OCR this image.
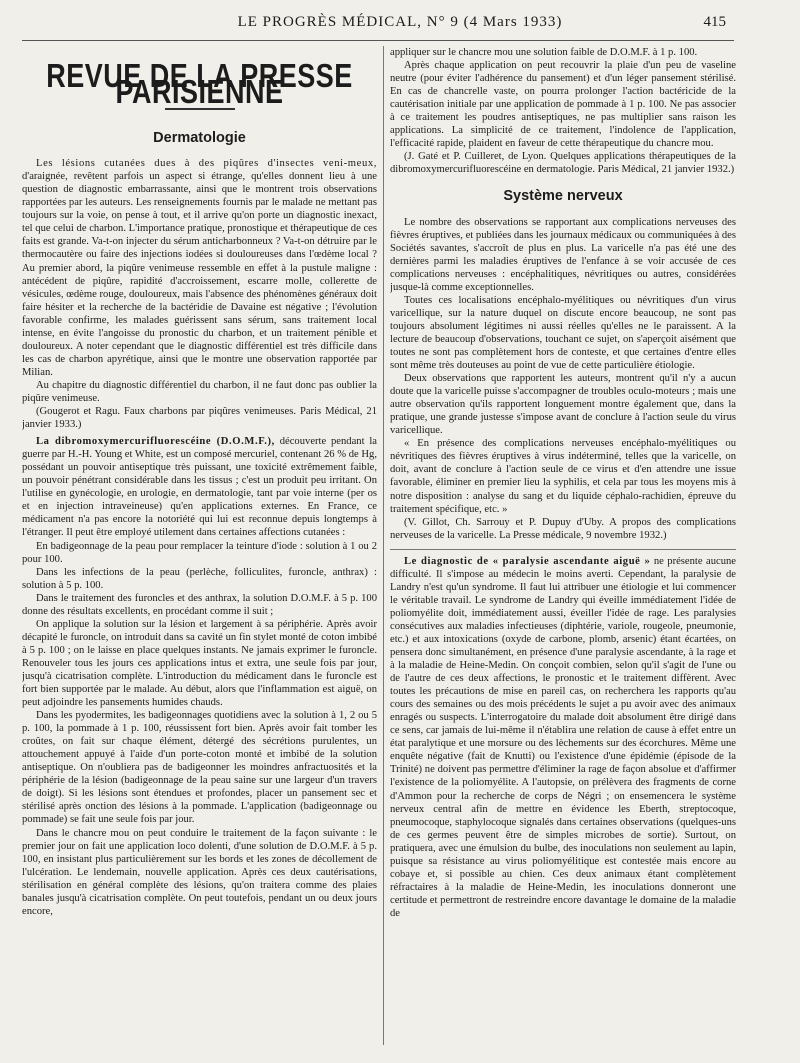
LE PROGRÈS MÉDICAL, N° 9 (4 Mars 1933)	415
REVUE DE LA PRESSE PARISIENNE
Dermatologie

Les lésions cutanées dues à des piqûres d'insectes veni-meux, d'araignée, revêtent parfois un aspect si étrange, qu'elles donnent lieu à une question de diagnostic embarrassante, ainsi que le montrent trois observations rapportées par les auteurs. Les renseignements fournis par le malade ne mettant pas toujours sur la voie, on pense à tout, et il arrive qu'on porte un diagnostic inexact, tel que celui de charbon. L'importance pratique, pronostique et thérapeutique de ces faits est grande. Va-t-on injecter du sérum anticharbonneux ? Va-t-on détruire par le thermocautère ou faire des injections iodées si douloureuses dans l'œdème local ? Au premier abord, la piqûre venimeuse ressemble en effet à la pustule maligne : antécédent de piqûre, rapidité d'accroissement, escarre molle, collerette de vésicules, œdème rouge, douloureux, mais l'absence des phénomènes généraux doit faire hésiter et la recherche de la bactéridie de Davaine est négative ; l'évolution favorable confirme, les malades guérissent sans sérum, sans traitement local intense, en évite l'angoisse du pronostic du charbon, et un traitement pénible et douloureux. A noter cependant que le diagnostic différentiel est très difficile dans les cas de charbon apyrétique, ainsi que le montre une observation rapportée par Milian.

Au chapitre du diagnostic différentiel du charbon, il ne faut donc pas oublier la piqûre venimeuse.

(Gougerot et Ragu. Faux charbons par piqûres venimeuses. Paris Médical, 21 janvier 1933.)

La dibromoxymercurifluorescéine (D.O.M.F.), découverte pendant la guerre par H.-H. Young et White, est un composé mercuriel, contenant 26 % de Hg, possédant un pouvoir antiseptique très puissant, une toxicité extrêmement faible, un pouvoir pénétrant considérable dans les tissus ; c'est un produit peu irritant. On l'utilise en gynécologie, en urologie, en dermatologie, tant par voie interne (per os et en injection intraveineuse) qu'en applications externes. En France, ce médicament n'a pas encore la notoriété qui lui est reconnue depuis longtemps à l'étranger. Il peut être employé utilement dans certaines affections cutanées :

En badigeonnage de la peau pour remplacer la teinture d'iode : solution à 1 ou 2 pour 100.

Dans les infections de la peau (perlèche, folliculites, furoncle, anthrax) : solution à 5 p. 100.

Dans le traitement des furoncles et des anthrax, la solution D.O.M.F. à 5 p. 100 donne des résultats excellents, en procédant comme il suit ;

On applique la solution sur la lésion et largement à sa périphérie. Après avoir décapité le furoncle, on introduit dans sa cavité un fin stylet monté de coton imbibé à 5 p. 100 ; on le laisse en place quelques instants. Ne jamais exprimer le furoncle. Renouveler tous les jours ces applications intus et extra, une seule fois par jour, jusqu'à cicatrisation complète. L'introduction du médicament dans le furoncle est fort bien supportée par le malade. Au début, alors que l'inflammation est aiguë, on peut adjoindre les pansements humides chauds.

Dans les pyodermites, les badigeonnages quotidiens avec la solution à 1, 2 ou 5 p. 100, la pommade à 1 p. 100, réussissent fort bien. Après avoir fait tomber les croûtes, on fait sur chaque élément, détergé des sécrétions purulentes, un attouchement appuyé à l'aide d'un porte-coton monté et imbibé de la solution antiseptique. On n'oubliera pas de badigeonner les moindres anfractuosités et la périphérie de la lésion (badigeonnage de la peau saine sur une largeur d'un travers de doigt). Si les lésions sont étendues et profondes, placer un pansement sec et stérilisé après onction des lésions à la pommade. L'application (badigeonnage ou pommade) se fait une seule fois par jour.

Dans le chancre mou on peut conduire le traitement de la façon suivante : le premier jour on fait une application loco dolenti, d'une solution de D.O.M.F. à 5 p. 100, en insistant plus particulièrement sur les bords et les zones de décollement de l'ulcération. Le lendemain, nouvelle application. Après ces deux cautérisations, stérilisation en général complète des lésions, qu'on traitera comme des plaies banales jusqu'à cicatrisation complète. On peut toutefois, pendant un ou deux jours encore,

appliquer sur le chancre mou une solution faible de D.O.M.F. à 1 p. 100.

Après chaque application on peut recouvrir la plaie d'un peu de vaseline neutre (pour éviter l'adhérence du pansement) et d'un léger pansement stérilisé. En cas de chancrelle vaste, on pourra prolonger l'action bactéricide de la cautérisation initiale par une application de pommade à 1 p. 100. Ne pas associer à ce traitement les poudres antiseptiques, ne pas multiplier sans raison les applications. La simplicité de ce traitement, l'indolence de l'application, l'efficacité rapide, plaident en faveur de cette thérapeutique du chancre mou.

(J. Gaté et P. Cuilleret, de Lyon. Quelques applications thérapeutiques de la dibromoxymercurifluorescéine en dermatologie. Paris Médical, 21 janvier 1932.)

Système nerveux

Le nombre des observations se rapportant aux complications nerveuses des fièvres éruptives, et publiées dans les journaux médicaux ou communiquées à des Sociétés savantes, s'accroît de plus en plus. La varicelle n'a pas été une des dernières parmi les maladies éruptives de l'enfance à se voir accusée de ces complications nerveuses : encéphalitiques, névritiques ou autres, considérées jusque-là comme exceptionnelles.

Toutes ces localisations encéphalo-myélitiques ou névritiques d'un virus varicellique, sur la nature duquel on discute encore beaucoup, ne sont pas toujours absolument légitimes ni aussi réelles qu'elles ne le paraissent. A la lecture de beaucoup d'observations, touchant ce sujet, on s'aperçoit aisément que toutes ne sont pas complètement hors de conteste, et que certaines d'entre elles sont même très douteuses au point de vue de cette particulière étiologie.

Deux observations que rapportent les auteurs, montrent qu'il n'y a aucun doute que la varicelle puisse s'accompagner de troubles oculo-moteurs ; mais une autre observation qu'ils rapportent longuement montre également que, dans la pratique, une grande justesse s'impose avant de conclure à l'action seule du virus varicellique.

« En présence des complications nerveuses encéphalo-myélitiques ou névritiques des fièvres éruptives à virus indéterminé, telles que la varicelle, on doit, avant de conclure à l'action seule de ce virus et d'en attendre une issue favorable, éliminer en premier lieu la syphilis, et cela par tous les moyens mis à notre disposition : analyse du sang et du liquide céphalo-rachidien, épreuve du traitement spécifique, etc. »

(V. Gillot, Ch. Sarrouy et P. Dupuy d'Uby. A propos des complications nerveuses de la varicelle. La Presse médicale, 9 novembre 1932.)

Le diagnostic de « paralysie ascendante aiguë » ne présente aucune difficulté. Il s'impose au médecin le moins averti. Cependant, la paralysie de Landry n'est qu'un syndrome. Il faut lui attribuer une étiologie et lui commencer le véritable travail. Le syndrome de Landry qui éveille immédiatement l'idée de poliomyélite doit, immédiatement aussi, éveiller l'idée de rage. Les paralysies consécutives aux maladies infectieuses (diphtérie, variole, rougeole, pneumonie, etc.) et aux intoxications (oxyde de carbone, plomb, arsenic) étant écartées, on pensera donc simultanément, en présence d'une paralysie ascendante, à la rage et à la maladie de Heine-Medin. On conçoit combien, selon qu'il s'agit de l'une ou de l'autre de ces deux affections, le pronostic et le traitement diffèrent. Avec toutes les précautions de mise en pareil cas, on recherchera les rapports qu'au cours des semaines ou des mois précédents le sujet a pu avoir avec des animaux enragés ou suspects. L'interrogatoire du malade doit absolument être dirigé dans ce sens, car jamais de lui-même il n'établira une relation de cause à effet entre un état paralytique et une morsure ou des lèchements sur des écorchures. Même une enquête négative (fait de Knutti) ou l'existence d'une épidémie (épisode de la Trinité) ne doivent pas permettre d'éliminer la rage de façon absolue et d'affirmer l'existence de la poliomyélite. A l'autopsie, on prélèvera des fragments de corne d'Ammon pour la recherche de corps de Négri ; on ensemencera le système nerveux central afin de mettre en évidence les Eberth, streptocoque, pneumocoque, staphylocoque signalés dans certaines observations (quelques-uns de ces germes peuvent être de simples microbes de sortie). Surtout, on pratiquera, avec une émulsion du bulbe, des inoculations non seulement au lapin, puisque sa résistance au virus poliomyélitique est contestée mais encore au cobaye et, si possible au chien. Ces deux animaux étant complètement réfractaires à la maladie de Heine-Medin, les inoculations donneront une certitude et permettront de restreindre encore davantage le domaine de la maladie de
